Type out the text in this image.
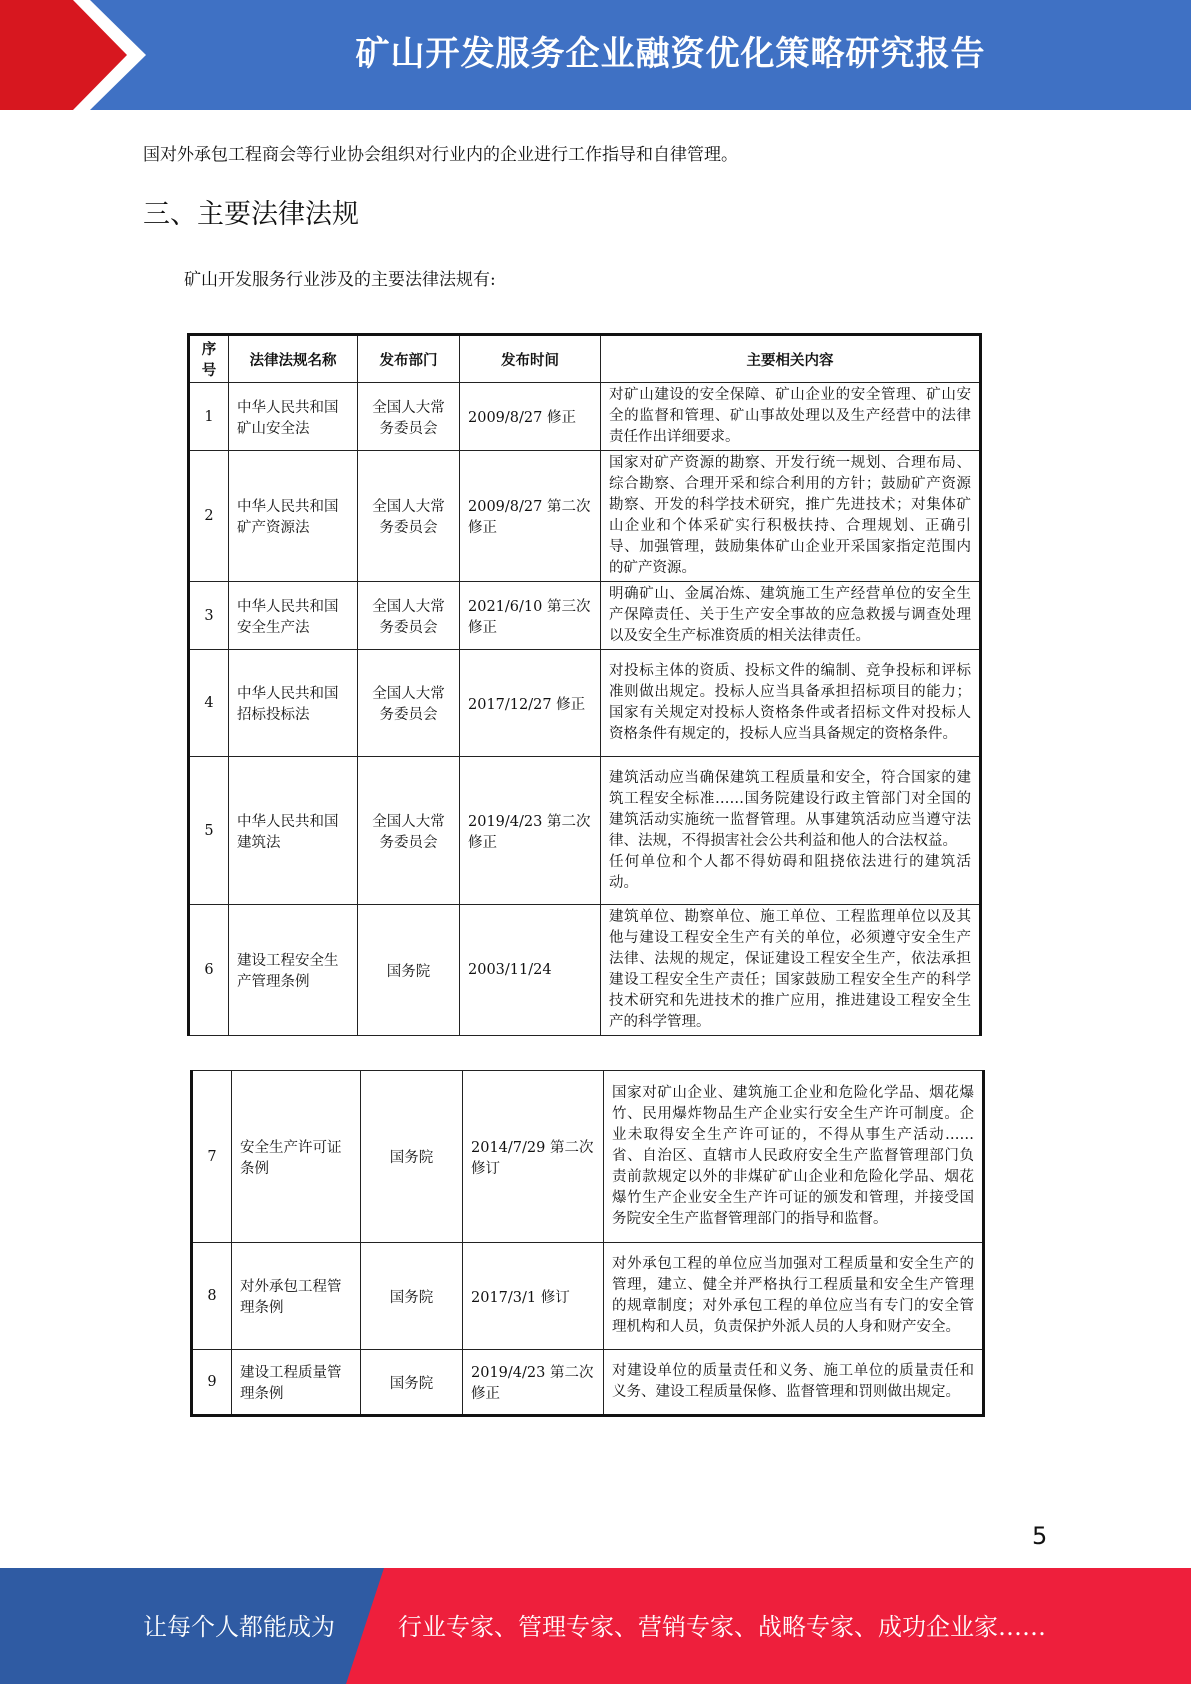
矿山开发服务企业融资优化策略研究报告
国对外承包工程商会等行业协会组织对行业内的企业进行工作指导和自律管理。
三、主要法律法规
矿山开发服务行业涉及的主要法律法规有:
序号	法律法规名称	发布部门	发布时间	主要相关内容
1	中华人民共和国矿山安全法	全国人大常务委员会	2009/8/27 修正	对矿山建设的安全保障、矿山企业的安全管理、矿山安全的监督和管理、矿山事故处理以及生产经营中的法律责任作出详细要求。
2	中华人民共和国矿产资源法	全国人大常务委员会	2009/8/27 第二次修正	国家对矿产资源的勘察、开发行统一规划、合理布局、综合勘察、合理开采和综合利用的方针；鼓励矿产资源勘察、开发的科学技术研究，推广先进技术；对集体矿山企业和个体采矿实行积极扶持、合理规划、正确引导、加强管理，鼓励集体矿山企业开采国家指定范围内的矿产资源。
3	中华人民共和国安全生产法	全国人大常务委员会	2021/6/10 第三次修正	明确矿山、金属冶炼、建筑施工生产经营单位的安全生产保障责任、关于生产安全事故的应急救援与调查处理以及安全生产标准资质的相关法律责任。
4	中华人民共和国招标投标法	全国人大常务委员会	2017/12/27 修正	对投标主体的资质、投标文件的编制、竞争投标和评标准则做出规定。投标人应当具备承担招标项目的能力；国家有关规定对投标人资格条件或者招标文件对投标人资格条件有规定的，投标人应当具备规定的资格条件。
5	中华人民共和国建筑法	全国人大常务委员会	2019/4/23 第二次修正	建筑活动应当确保建筑工程质量和安全，符合国家的建筑工程安全标准……国务院建设行政主管部门对全国的建筑活动实施统一监督管理。从事建筑活动应当遵守法律、法规，不得损害社会公共利益和他人的合法权益。
任何单位和个人都不得妨碍和阻挠依法进行的建筑活动。
6	建设工程安全生产管理条例	国务院	2003/11/24	建筑单位、勘察单位、施工单位、工程监理单位以及其他与建设工程安全生产有关的单位，必须遵守安全生产法律、法规的规定，保证建设工程安全生产，依法承担建设工程安全生产责任；国家鼓励工程安全生产的科学技术研究和先进技术的推广应用，推进建设工程安全生产的科学管理。
7	安全生产许可证条例	国务院	2014/7/29 第二次修订	国家对矿山企业、建筑施工企业和危险化学品、烟花爆竹、民用爆炸物品生产企业实行安全生产许可制度。企业未取得安全生产许可证的，不得从事生产活动……省、自治区、直辖市人民政府安全生产监督管理部门负责前款规定以外的非煤矿矿山企业和危险化学品、烟花爆竹生产企业安全生产许可证的颁发和管理，并接受国务院安全生产监督管理部门的指导和监督。
8	对外承包工程管理条例	国务院	2017/3/1 修订	对外承包工程的单位应当加强对工程质量和安全生产的管理，建立、健全并严格执行工程质量和安全生产管理的规章制度；对外承包工程的单位应当有专门的安全管理机构和人员，负责保护外派人员的人身和财产安全。
9	建设工程质量管理条例	国务院	2019/4/23 第二次修正	对建设单位的质量责任和义务、施工单位的质量责任和义务、建设工程质量保修、监督管理和罚则做出规定。
5
让每个人都能成为	行业专家、管理专家、营销专家、战略专家、成功企业家……
